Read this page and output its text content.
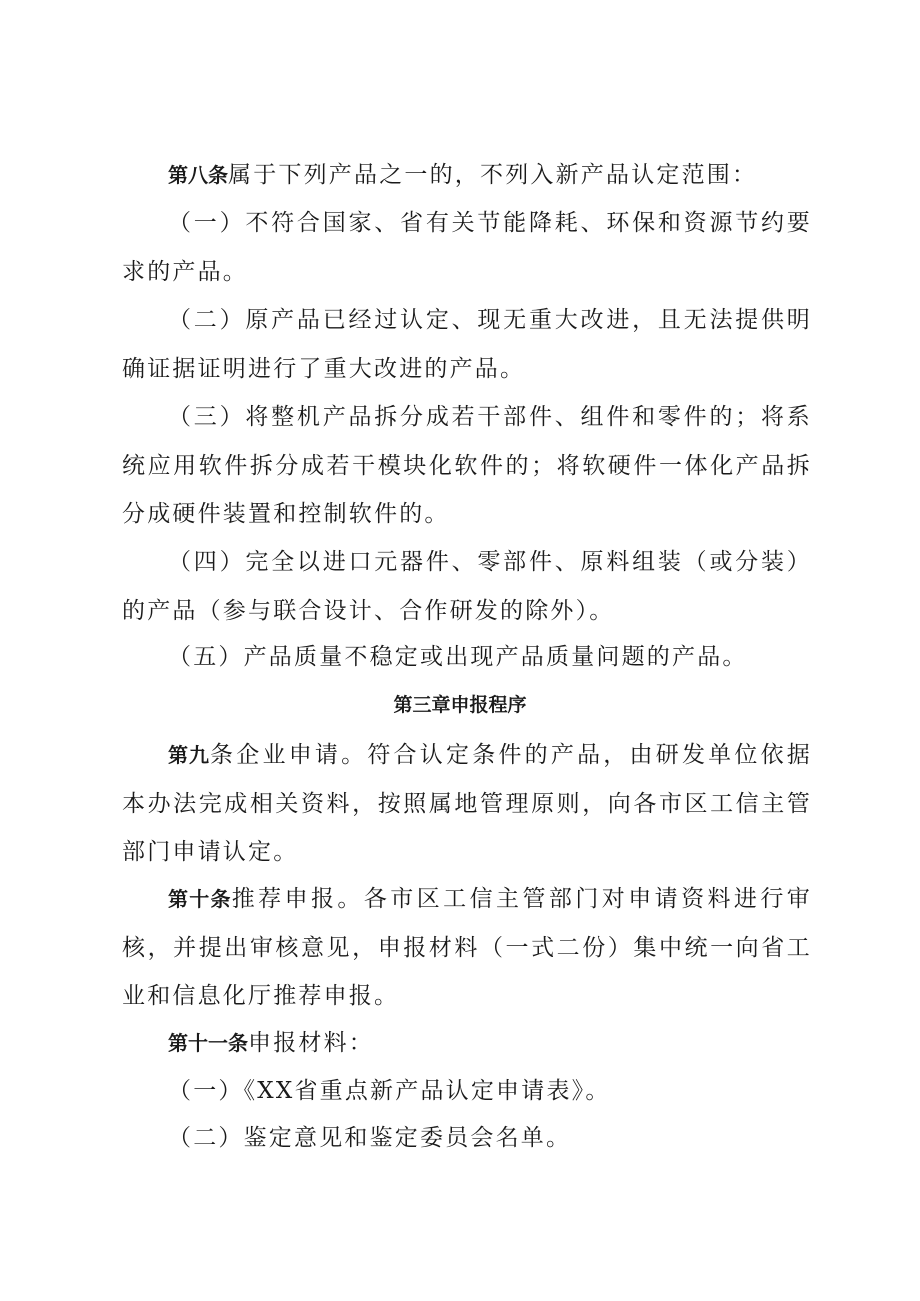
第八条属于下列产品之一的，不列入新产品认定范围：

（一）不符合国家、省有关节能降耗、环保和资源节约要求的产品。

（二）原产品已经过认定、现无重大改进，且无法提供明确证据证明进行了重大改进的产品。

（三）将整机产品拆分成若干部件、组件和零件的；将系统应用软件拆分成若干模块化软件的；将软硬件一体化产品拆分成硬件装置和控制软件的。

（四）完全以进口元器件、零部件、原料组装（或分装）的产品（参与联合设计、合作研发的除外）。

（五）产品质量不稳定或出现产品质量问题的产品。

第三章申报程序

第九条企业申请。符合认定条件的产品，由研发单位依据本办法完成相关资料，按照属地管理原则，向各市区工信主管部门申请认定。

第十条推荐申报。各市区工信主管部门对申请资料进行审核，并提出审核意见，申报材料（一式二份）集中统一向省工业和信息化厅推荐申报。

第十一条申报材料：

（一）《XX省重点新产品认定申请表》。

（二）鉴定意见和鉴定委员会名单。
